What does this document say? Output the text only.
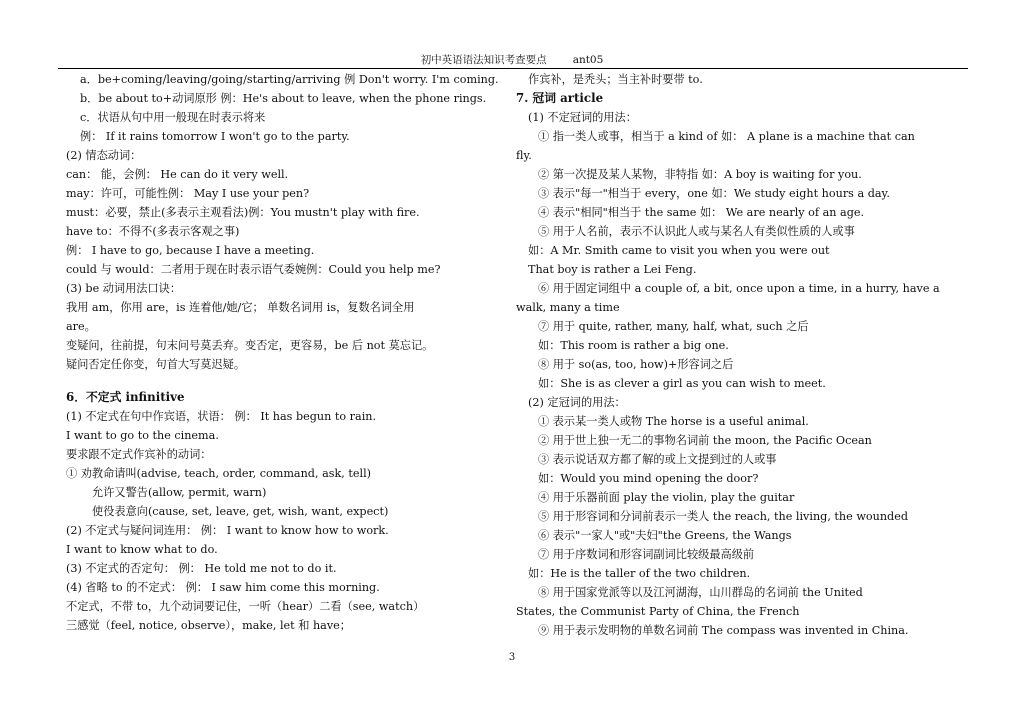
初中英语语法知识考查要点 ant05
a．be+coming/leaving/going/starting/arriving 例 Don't worry. I'm coming.
b．be about to+动词原形 例：He's about to leave, when the phone rings.
c．状语从句中用一般现在时表示将来
例： If it rains tomorrow I won't go to the party.
(2) 情态动词：
can： 能，会例： He can do it very well.
may：许可，可能性例： May I use your pen?
must：必要，禁止(多表示主观看法)例：You mustn't play with fire.
have to：不得不(多表示客观之事)
例： I have to go, because I have a meeting.
could 与 would：二者用于现在时表示语气委婉例：Could you help me?
(3) be 动词用法口诀：
我用 am，你用 are，is 连着他/她/它； 单数名词用 is，复数名词全用
are。
变疑问，往前提，句末问号莫丢弃。变否定，更容易，be 后 not 莫忘记。
疑问否定任你变，句首大写莫迟疑。
6．不定式 infinitive
(1) 不定式在句中作宾语，状语： 例： It has begun to rain.
I want to go to the cinema.
要求跟不定式作宾补的动词：
① 劝教命请叫(advise, teach, order, command, ask, tell)
允许又警告(allow, permit, warn)
使役表意向(cause, set, leave, get, wish, want, expect)
(2) 不定式与疑问词连用： 例： I want to know how to work.
I want to know what to do.
(3) 不定式的否定句： 例： He told me not to do it.
(4) 省略 to 的不定式： 例： I saw him come this morning.
不定式，不带 to，九个动词要记住，一听（hear）二看（see, watch）
三感觉（feel, notice, observe），make, let 和 have；
作宾补，是秃头；当主补时要带 to.
7. 冠词 article
(1) 不定冠词的用法：
① 指一类人或事，相当于 a kind of 如： A plane is a machine that can
fly.
② 第一次提及某人某物，非特指 如：A boy is waiting for you.
③ 表示"每一"相当于 every，one 如：We study eight hours a day.
④ 表示"相同"相当于 the same 如： We are nearly of an age.
⑤ 用于人名前，表示不认识此人或与某名人有类似性质的人或事
如：A Mr. Smith came to visit you when you were out
That boy is rather a Lei Feng.
⑥ 用于固定词组中 a couple of, a bit, once upon a time, in a hurry, have a
walk, many a time
⑦ 用于 quite, rather, many, half, what, such 之后
如：This room is rather a big one.
⑧ 用于 so(as, too, how)+形容词之后
如：She is as clever a girl as you can wish to meet.
(2) 定冠词的用法：
① 表示某一类人或物 The horse is a useful animal.
② 用于世上独一无二的事物名词前 the moon, the Pacific Ocean
③ 表示说话双方都了解的或上文提到过的人或事
如：Would you mind opening the door?
④ 用于乐器前面 play the violin, play the guitar
⑤ 用于形容词和分词前表示一类人 the reach, the living, the wounded
⑥ 表示"一家人"或"夫妇"the Greens, the Wangs
⑦ 用于序数词和形容词副词比较级最高级前
如：He is the taller of the two children.
⑧ 用于国家党派等以及江河湖海，山川群岛的名词前 the United
States, the Communist Party of China, the French
⑨ 用于表示发明物的单数名词前 The compass was invented in China.
3
